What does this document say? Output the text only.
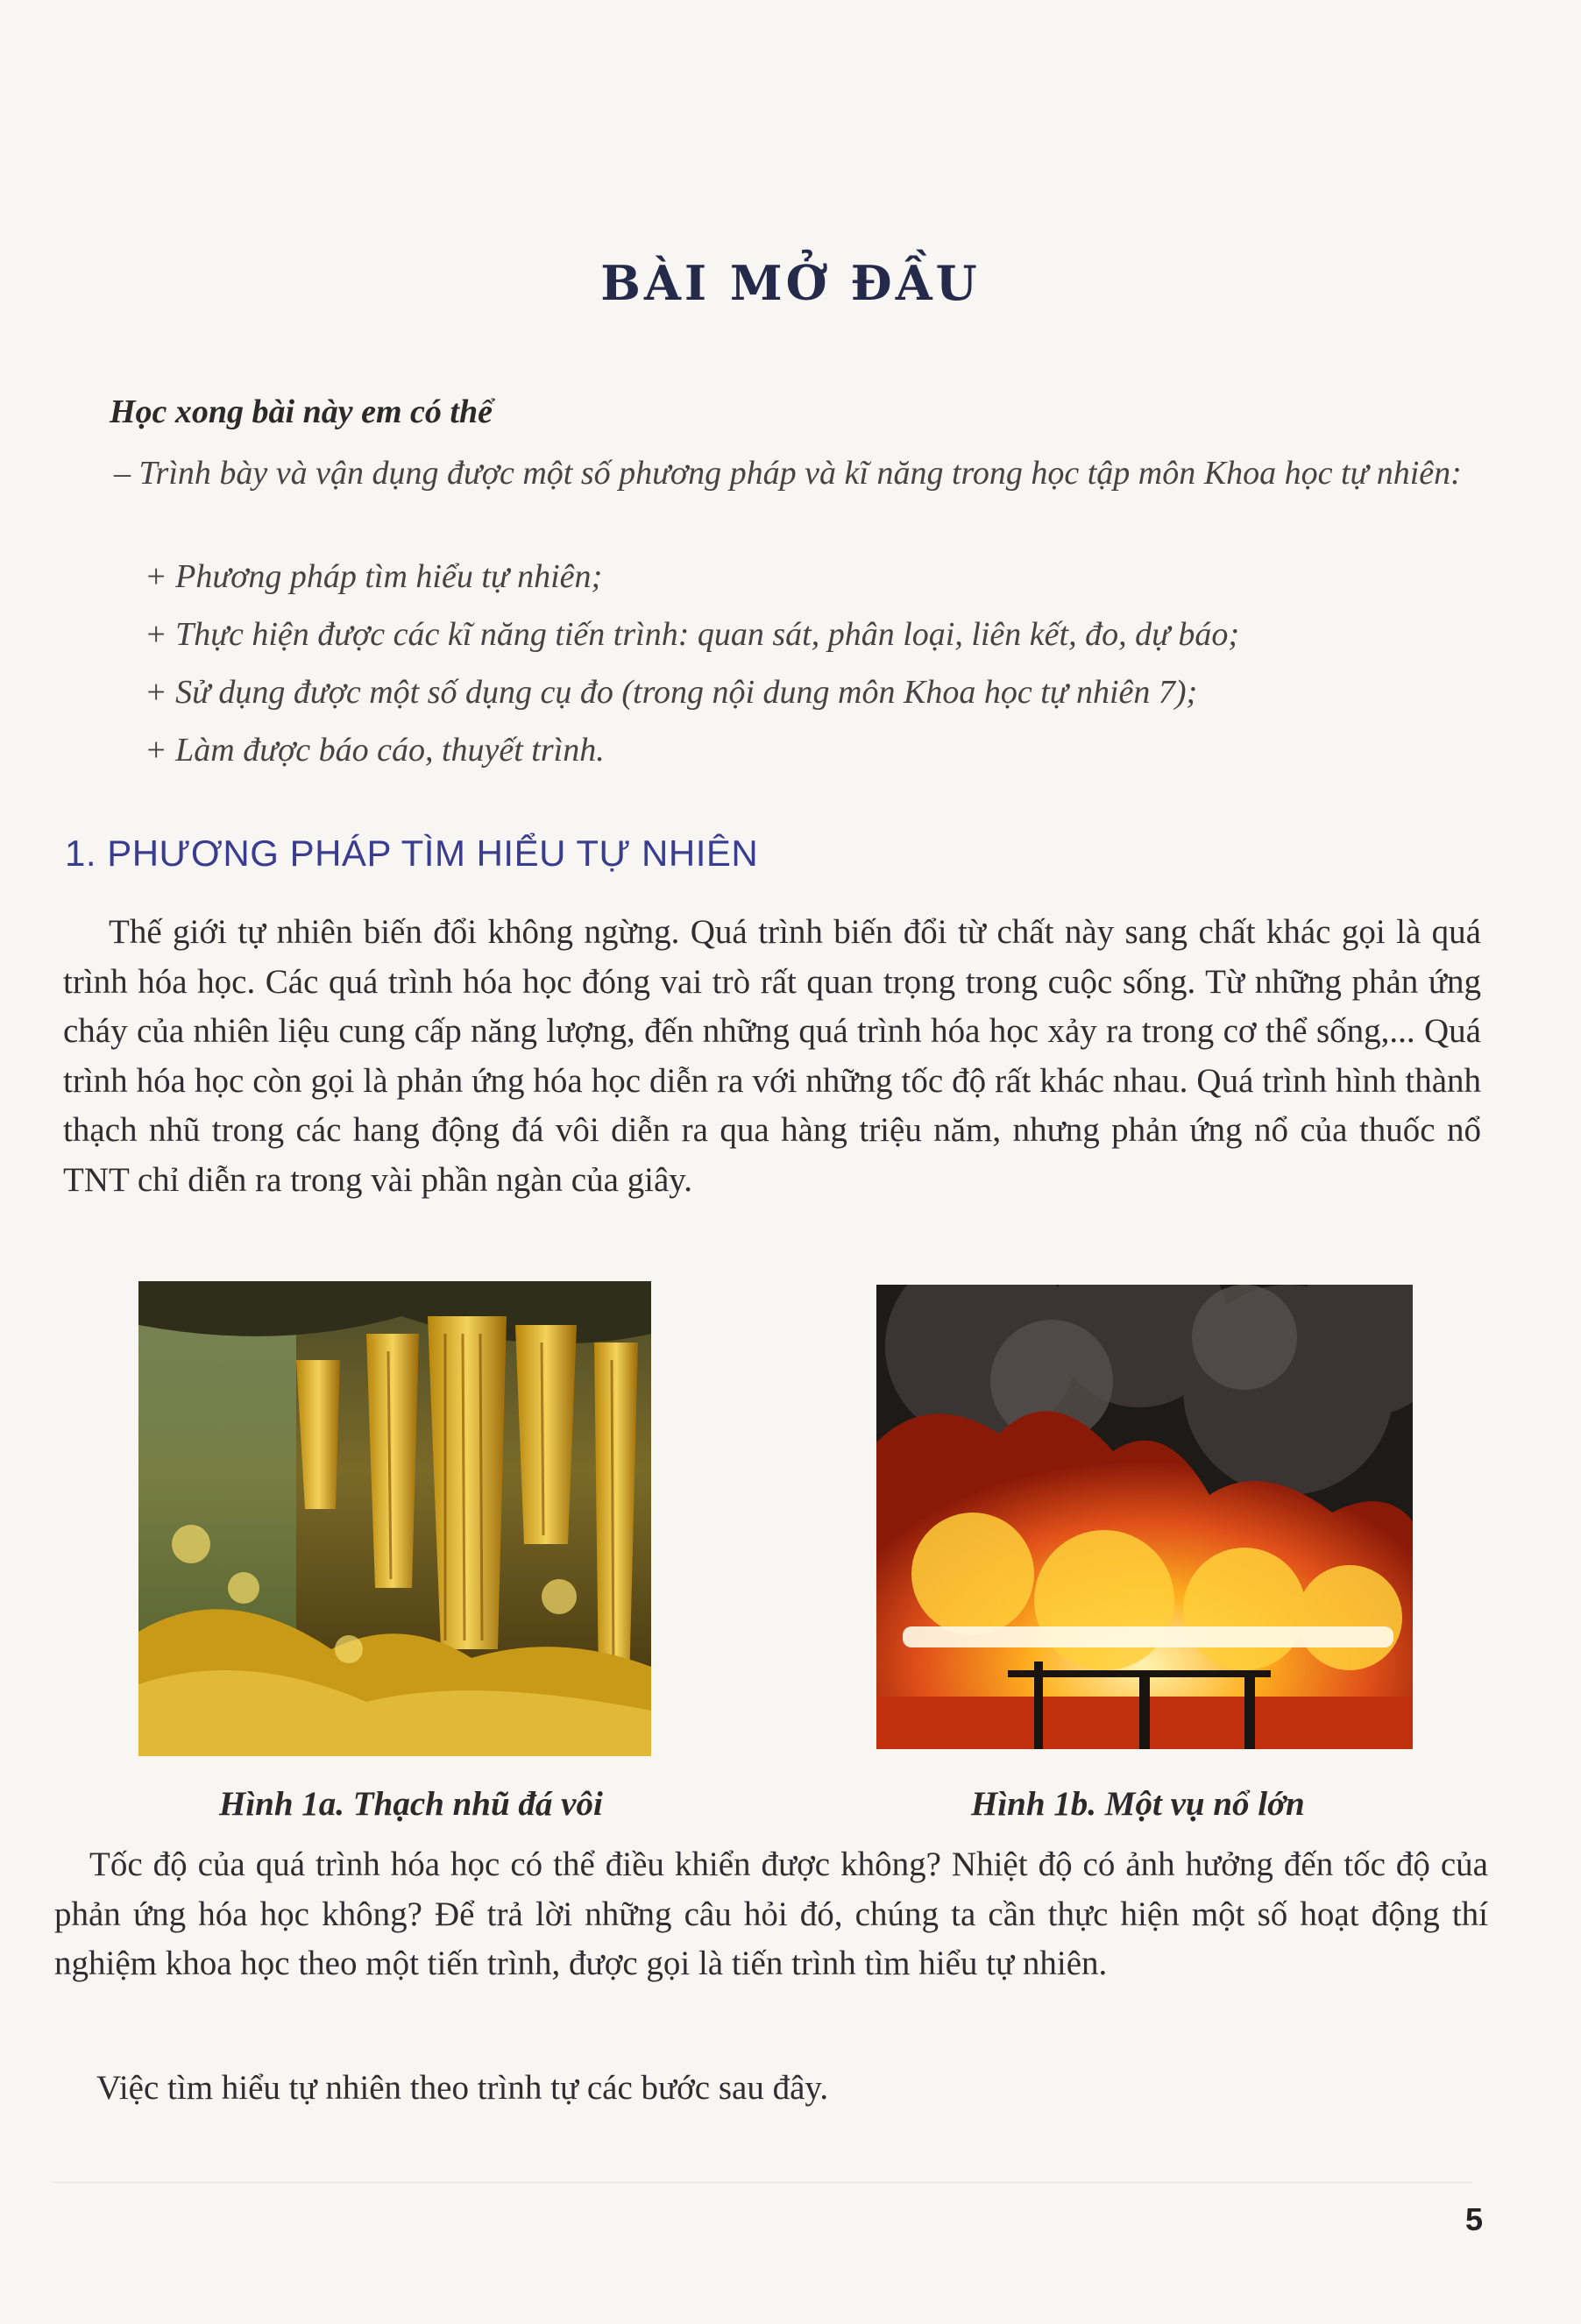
BÀI MỞ ĐẦU
Học xong bài này em có thể
– Trình bày và vận dụng được một số phương pháp và kĩ năng trong học tập môn Khoa học tự nhiên:
+ Phương pháp tìm hiểu tự nhiên;
+ Thực hiện được các kĩ năng tiến trình: quan sát, phân loại, liên kết, đo, dự báo;
+ Sử dụng được một số dụng cụ đo (trong nội dung môn Khoa học tự nhiên 7);
+ Làm được báo cáo, thuyết trình.
1. PHƯƠNG PHÁP TÌM HIỂU TỰ NHIÊN

Thế giới tự nhiên biến đổi không ngừng. Quá trình biến đổi từ chất này sang chất khác gọi là quá trình hóa học. Các quá trình hóa học đóng vai trò rất quan trọng trong cuộc sống. Từ những phản ứng cháy của nhiên liệu cung cấp năng lượng, đến những quá trình hóa học xảy ra trong cơ thể sống,... Quá trình hóa học còn gọi là phản ứng hóa học diễn ra với những tốc độ rất khác nhau. Quá trình hình thành thạch nhũ trong các hang động đá vôi diễn ra qua hàng triệu năm, nhưng phản ứng nổ của thuốc nổ TNT chỉ diễn ra trong vài phần ngàn của giây.

Hình 1a. Thạch nhũ đá vôi	Hình 1b. Một vụ nổ lớn

Tốc độ của quá trình hóa học có thể điều khiển được không? Nhiệt độ có ảnh hưởng đến tốc độ của phản ứng hóa học không? Để trả lời những câu hỏi đó, chúng ta cần thực hiện một số hoạt động thí nghiệm khoa học theo một tiến trình, được gọi là tiến trình tìm hiểu tự nhiên.

Việc tìm hiểu tự nhiên theo trình tự các bước sau đây.

5
